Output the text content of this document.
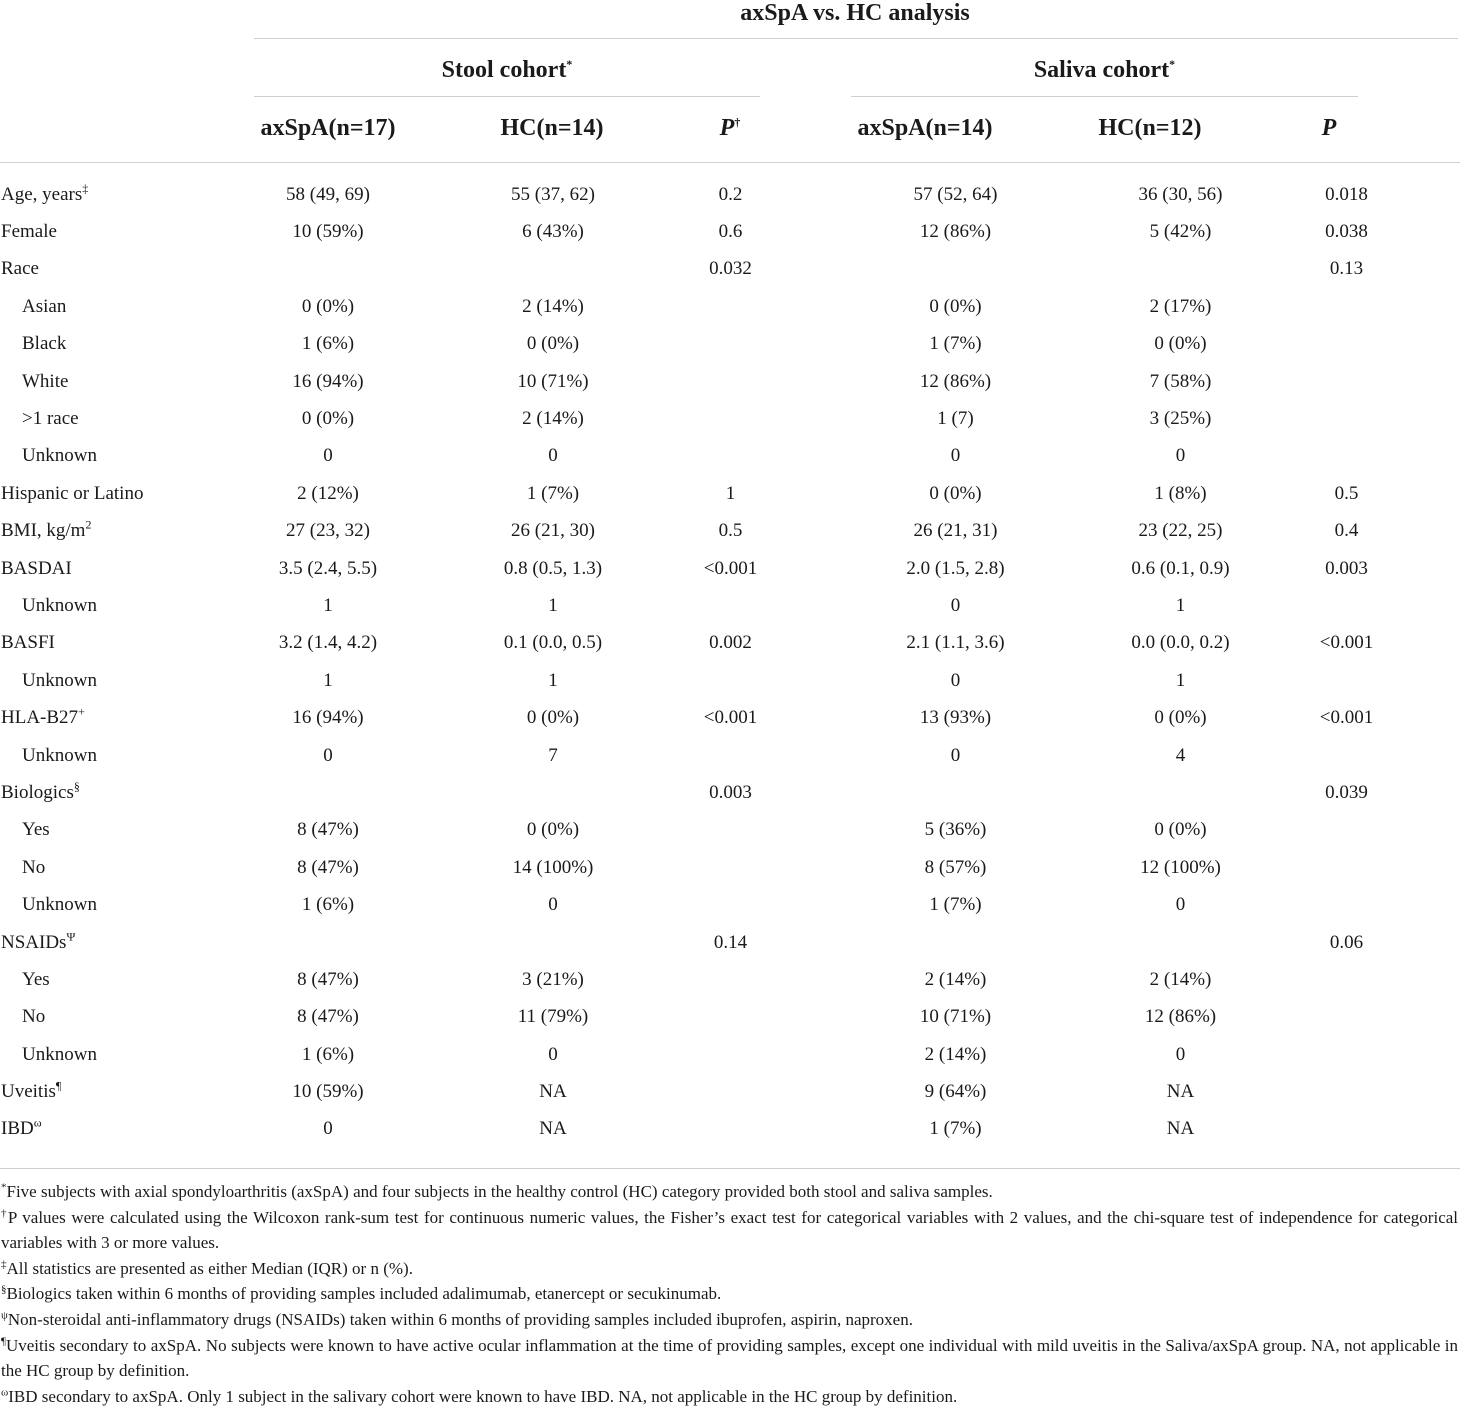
axSpA vs. HC analysis
Stool cohort*	Saliva cohort*
axSpA(n=17)	HC(n=14)	P†	axSpA(n=14)	HC(n=12)	P
Age, years‡	58 (49, 69)	55 (37, 62)	0.2	57 (52, 64)	36 (30, 56)	0.018
Female	10 (59%)	6 (43%)	0.6	12 (86%)	5 (42%)	0.038
Race			0.032			0.13
Asian	0 (0%)	2 (14%)		0 (0%)	2 (17%)	
Black	1 (6%)	0 (0%)		1 (7%)	0 (0%)	
White	16 (94%)	10 (71%)		12 (86%)	7 (58%)	
>1 race	0 (0%)	2 (14%)		1 (7)	3 (25%)	
Unknown	0	0		0	0	
Hispanic or Latino	2 (12%)	1 (7%)	1	0 (0%)	1 (8%)	0.5
BMI, $kg/m^2$	27 (23, 32)	26 (21, 30)	0.5	26 (21, 31)	23 (22, 25)	0.4
BASDAI	3.5 (2.4, 5.5)	0.8 (0.5, 1.3)	<0.001	2.0 (1.5, 2.8)	0.6 (0.1, 0.9)	0.003
Unknown	1	1		0	1	
BASFI	3.2 (1.4, 4.2)	0.1 (0.0, 0.5)	0.002	2.1 (1.1, 3.6)	0.0 (0.0, 0.2)	<0.001
Unknown	1	1		0	1	
HLA-B27+	16 (94%)	0 (0%)	<0.001	13 (93%)	0 (0%)	<0.001
Unknown	0	7		0	4	
Biologics§			0.003			0.039
Yes	8 (47%)	0 (0%)		5 (36%)	0 (0%)	
No	8 (47%)	14 (100%)		8 (57%)	12 (100%)	
Unknown	1 (6%)	0		1 (7%)	0	
NSAIDs$^\Psi$			0.14			0.06
Yes	8 (47%)	3 (21%)		2 (14%)	2 (14%)	
No	8 (47%)	11 (79%)		10 (71%)	12 (86%)	
Unknown	1 (6%)	0		2 (14%)	0	
Uveitis¶	10 (59%)	NA		9 (64%)	NA	
$IBD^\omega$	0	NA		1 (7%)	NA	

*Five subjects with axial spondyloarthritis (axSpA) and four subjects in the healthy control (HC) category provided both stool and saliva samples.

†P values were calculated using the Wilcoxon rank-sum test for continuous numeric values, the Fisher’s exact test for categorical variables with 2 values, and the chi-square test of independence for categorical variables with 3 or more values.

‡All statistics are presented as either Median (IQR) or n (%).

§Biologics taken within 6 months of providing samples included adalimumab, etanercept or secukinumab.

$^\psi$Non-steroidal anti-inflammatory drugs (NSAIDs) taken within 6 months of providing samples included ibuprofen, aspirin, naproxen.

¶Uveitis secondary to axSpA. No subjects were known to have active ocular inflammation at the time of providing samples, except one individual with mild uveitis in the Saliva/axSpA group. NA, not applicable in the HC group by definition.

$^\omega$IBD secondary to axSpA. Only 1 subject in the salivary cohort were known to have IBD. NA, not applicable in the HC group by definition.
